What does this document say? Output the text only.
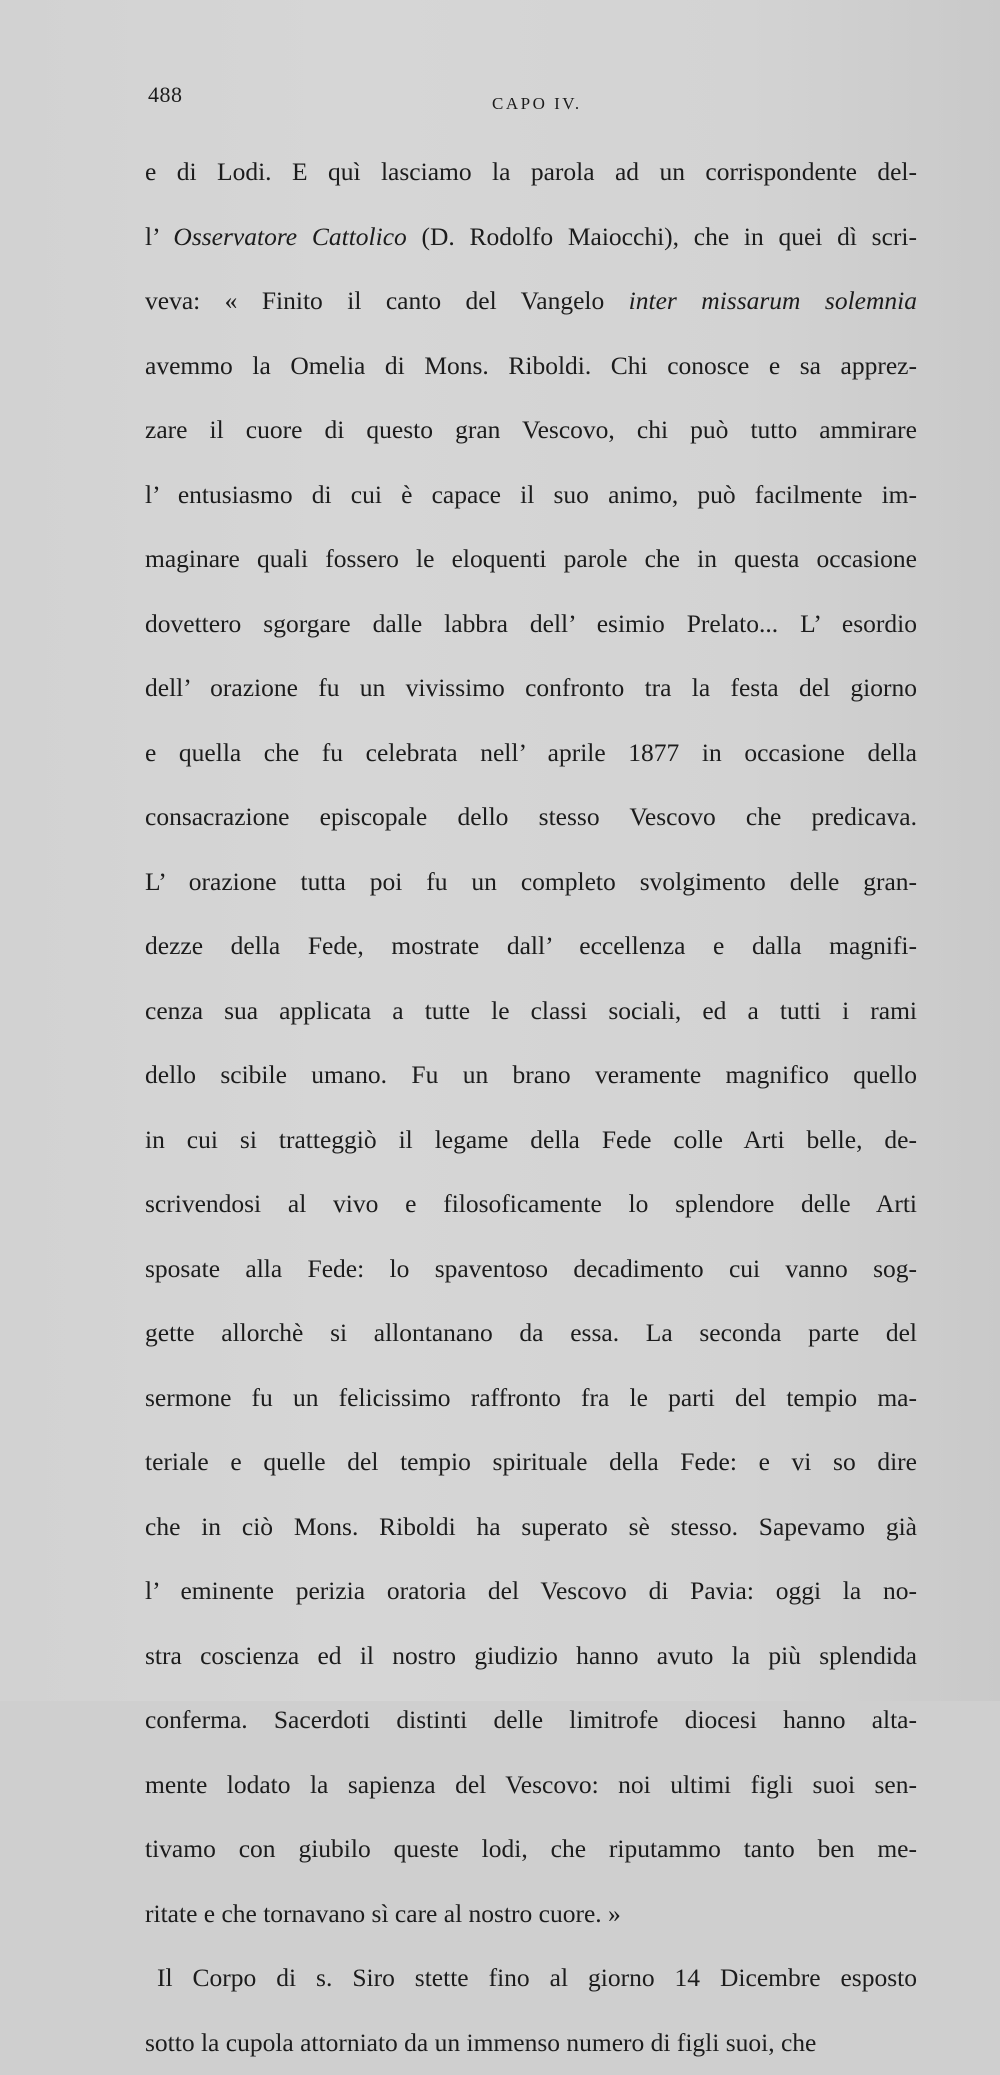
488	CAPO IV.
e di Lodi. E quì lasciamo la parola ad un corrispondente del-
l’ Osservatore Cattolico (D. Rodolfo Maiocchi), che in quei dì scri-
veva: « Finito il canto del Vangelo inter missarum solemnia
avemmo la Omelia di Mons. Riboldi. Chi conosce e sa apprez-
zare il cuore di questo gran Vescovo, chi può tutto ammirare
l’ entusiasmo di cui è capace il suo animo, può facilmente im-
maginare quali fossero le eloquenti parole che in questa occasione
dovettero sgorgare dalle labbra dell’ esimio Prelato... L’ esordio
dell’ orazione fu un vivissimo confronto tra la festa del giorno
e quella che fu celebrata nell’ aprile 1877 in occasione della
consacrazione episcopale dello stesso Vescovo che predicava.
L’ orazione tutta poi fu un completo svolgimento delle gran-
dezze della Fede, mostrate dall’ eccellenza e dalla magnifi-
cenza sua applicata a tutte le classi sociali, ed a tutti i rami
dello scibile umano. Fu un brano veramente magnifico quello
in cui si tratteggiò il legame della Fede colle Arti belle, de-
scrivendosi al vivo e filosoficamente lo splendore delle Arti
sposate alla Fede: lo spaventoso decadimento cui vanno sog-
gette allorchè si allontanano da essa. La seconda parte del
sermone fu un felicissimo raffronto fra le parti del tempio ma-
teriale e quelle del tempio spirituale della Fede: e vi so dire
che in ciò Mons. Riboldi ha superato sè stesso. Sapevamo già
l’ eminente perizia oratoria del Vescovo di Pavia: oggi la no-
stra coscienza ed il nostro giudizio hanno avuto la più splendida
conferma. Sacerdoti distinti delle limitrofe diocesi hanno alta-
mente lodato la sapienza del Vescovo: noi ultimi figli suoi sen-
tivamo con giubilo queste lodi, che riputammo tanto ben me-
ritate e che tornavano sì care al nostro cuore. »
Il Corpo di s. Siro stette fino al giorno 14 Dicembre esposto
sotto la cupola attorniato da un immenso numero di figli suoi, che
